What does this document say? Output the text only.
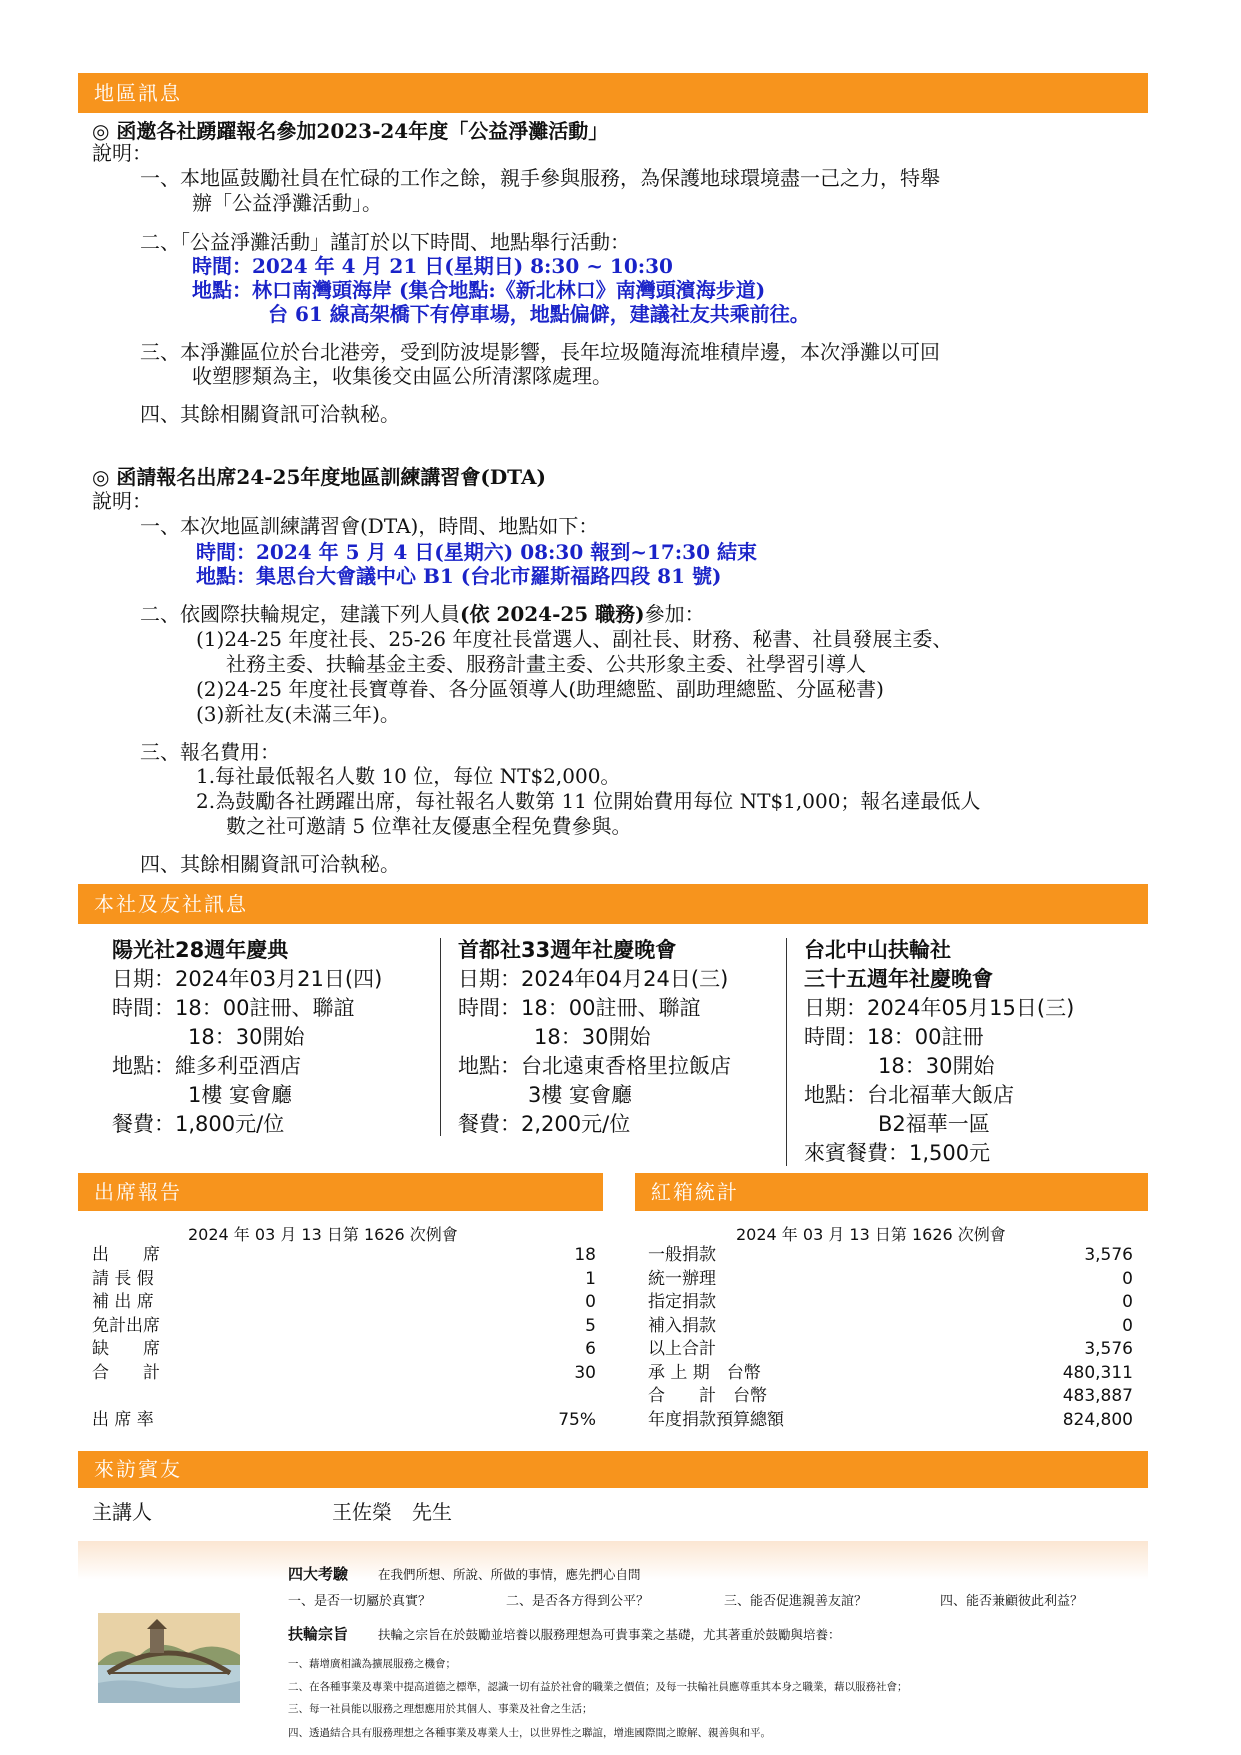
地區訊息
◎ 函邀各社踴躍報名參加2023-24年度「公益淨灘活動」
說明：
一、本地區鼓勵社員在忙碌的工作之餘，親手參與服務，為保護地球環境盡一己之力，特舉
辦「公益淨灘活動」。
二、「公益淨灘活動」謹訂於以下時間、地點舉行活動：
時間：2024 年 4 月 21 日(星期日) 8:30 ~ 10:30
地點：林口南灣頭海岸 (集合地點:《新北林口》南灣頭濱海步道)
台 61 線高架橋下有停車場，地點偏僻，建議社友共乘前往。
三、本淨灘區位於台北港旁，受到防波堤影響，長年垃圾隨海流堆積岸邊，本次淨灘以可回
收塑膠類為主，收集後交由區公所清潔隊處理。
四、其餘相關資訊可洽執秘。
◎ 函請報名出席24-25年度地區訓練講習會(DTA)
說明：
一、本次地區訓練講習會(DTA)，時間、地點如下：
時間：2024 年 5 月 4 日(星期六) 08:30 報到~17:30 結束
地點：集思台大會議中心 B1 (台北市羅斯福路四段 81 號)
二、依國際扶輪規定，建議下列人員(依 2024-25 職務)參加：
(1)24-25 年度社長、25-26 年度社長當選人、副社長、財務、秘書、社員發展主委、
社務主委、扶輪基金主委、服務計畫主委、公共形象主委、社學習引導人
(2)24-25 年度社長寶尊眷、各分區領導人(助理總監、副助理總監、分區秘書)
(3)新社友(未滿三年)。
三、報名費用：
1.每社最低報名人數 10 位，每位 NT$2,000。
2.為鼓勵各社踴躍出席，每社報名人數第 11 位開始費用每位 NT$1,000；報名達最低人
數之社可邀請 5 位準社友優惠全程免費參與。
四、其餘相關資訊可洽執秘。
本社及友社訊息
陽光社28週年慶典
日期：2024年03月21日(四)
時間：18：00註冊、聯誼
18：30開始
地點：維多利亞酒店
1樓 宴會廳
餐費：1,800元/位
首都社33週年社慶晚會
日期：2024年04月24日(三)
時間：18：00註冊、聯誼
18：30開始
地點：台北遠東香格里拉飯店
3樓 宴會廳
餐費：2,200元/位
台北中山扶輪社
三十五週年社慶晚會
日期：2024年05月15日(三)
時間：18：00註冊
18：30開始
地點：台北福華大飯店
B2福華一區
來賓餐費：1,500元
出席報告
2024 年 03 月 13 日第 1626 次例會
出　　席	18
請 長 假	1
補 出 席	0
免計出席	5
缺　　席	6
合　　計	30
出 席 率	75%
紅箱統計
2024 年 03 月 13 日第 1626 次例會
一般捐款	3,576
統一辦理	0
指定捐款	0
補入捐款	0
以上合計	3,576
承 上 期　台幣	480,311
合　　計　台幣	483,887
年度捐款預算總額	824,800
來訪賓友
主講人	王佐榮　先生
四大考驗 在我們所想、所說、所做的事情，應先捫心自問
一、是否一切屬於真實？	二、是否各方得到公平？	三、能否促進親善友誼？	四、能否兼顧彼此利益？
扶輪宗旨 扶輪之宗旨在於鼓勵並培養以服務理想為可貴事業之基礎，尤其著重於鼓勵與培養：
一、藉增廣相識為擴展服務之機會；
二、在各種事業及專業中提高道德之標準，認識一切有益於社會的職業之價值；及每一扶輪社員應尊重其本身之職業，藉以服務社會；
三、每一社員能以服務之理想應用於其個人、事業及社會之生活；
四、透過結合具有服務理想之各種事業及專業人士，以世界性之聯誼，增進國際間之瞭解、親善與和平。
